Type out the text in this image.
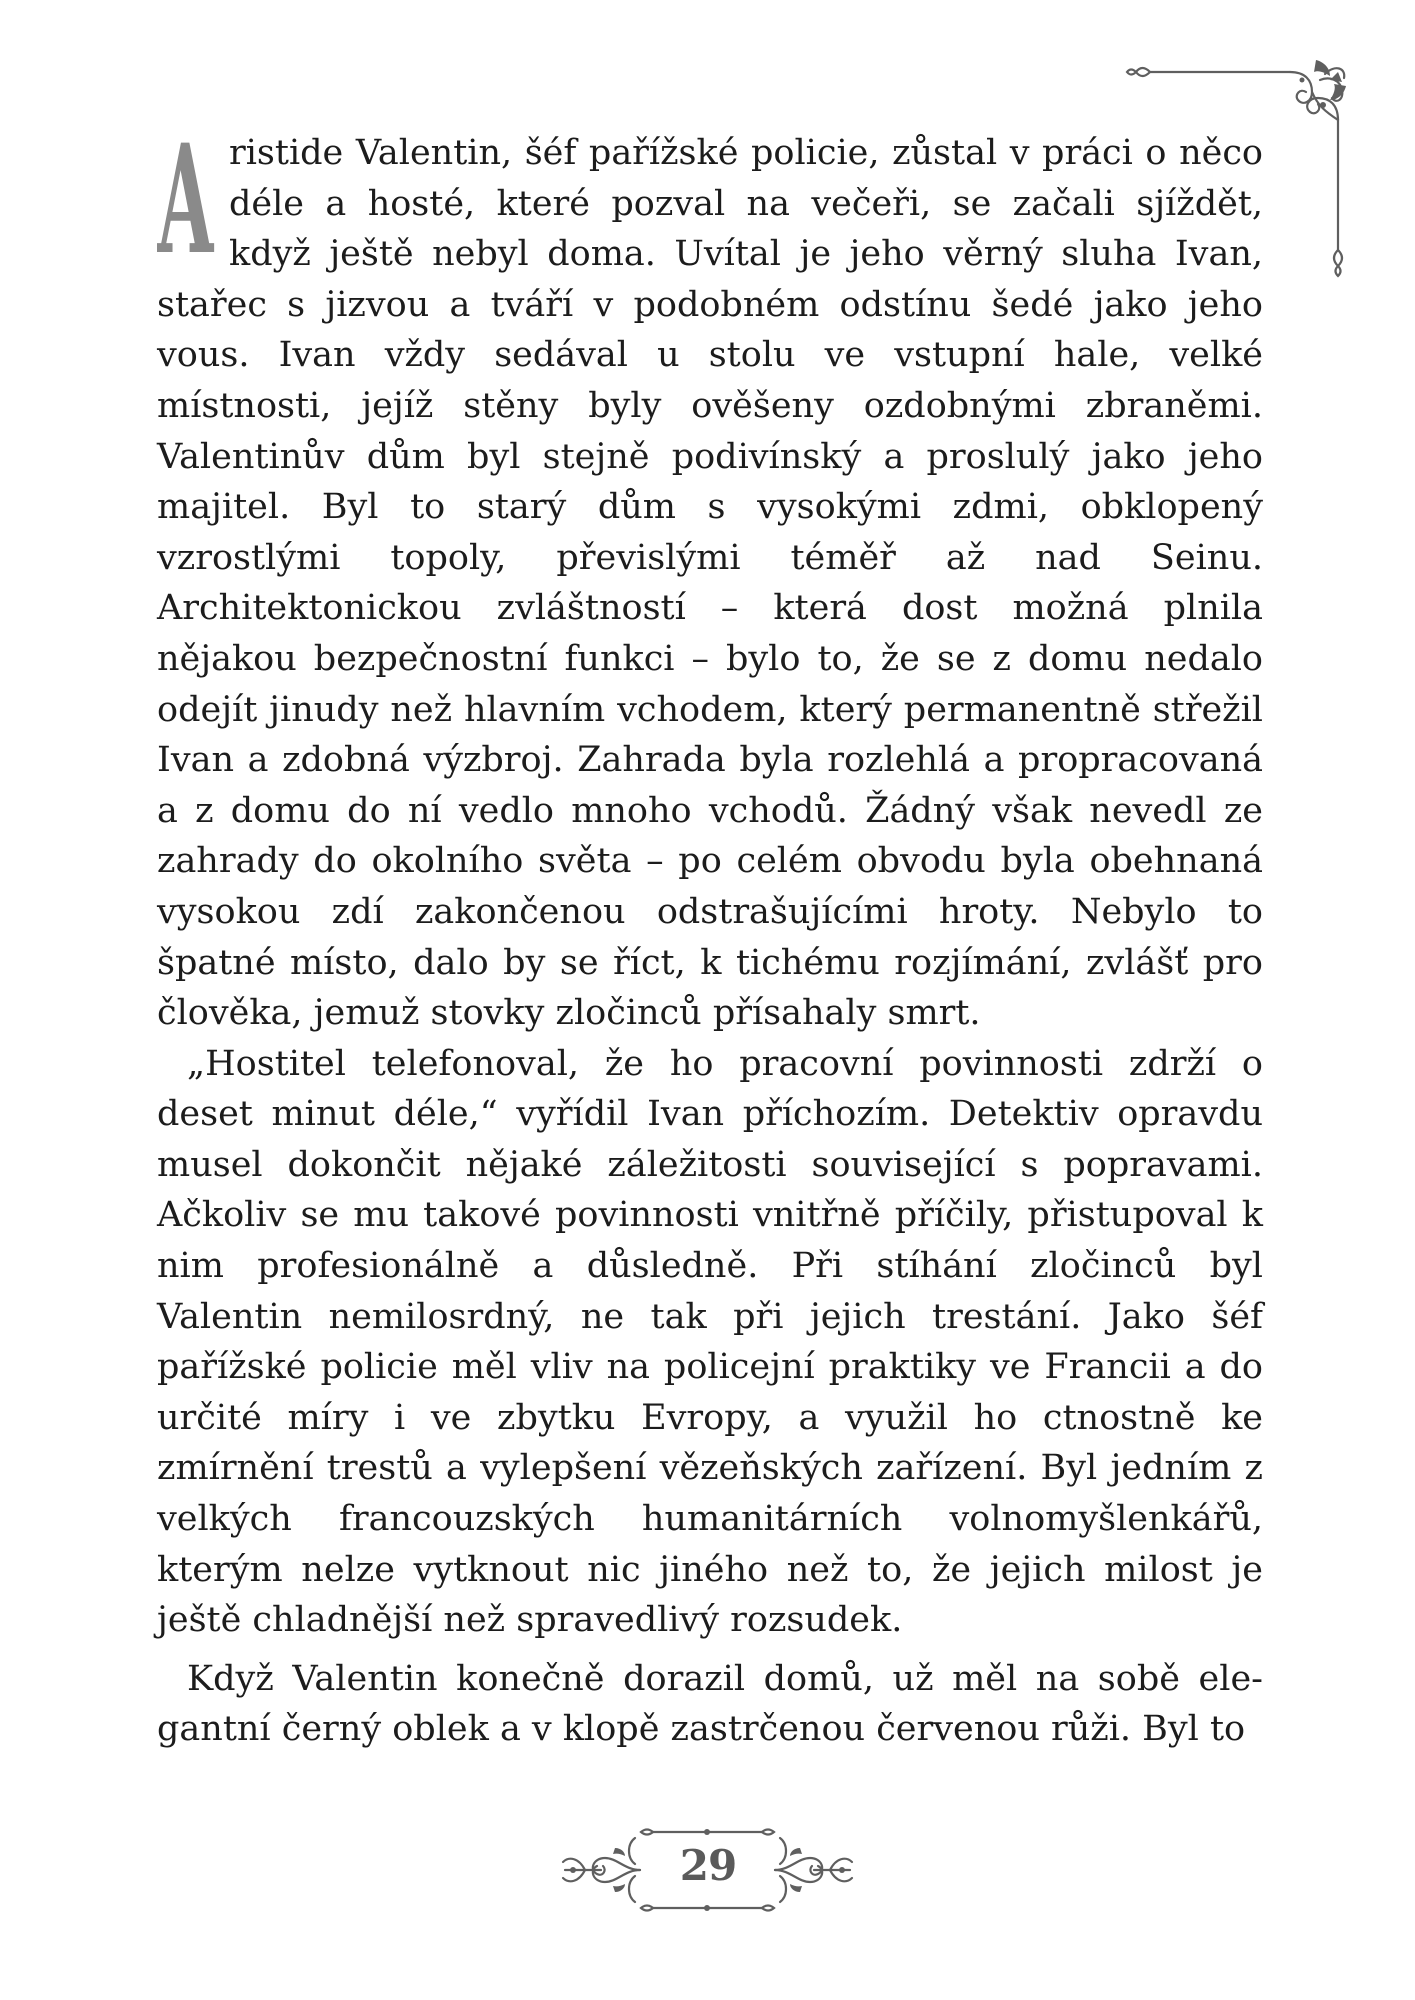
A ristide Valentin, šéf pařížské policie, zůstal v práci o něco déle a hosté, které pozval na večeři, se začali sjíždět, když ještě nebyl doma. Uvítal je jeho věrný sluha Ivan, stařec s jizvou a tváří v podobném odstínu šedé jako jeho vous. Ivan vždy sedával u stolu ve vstupní hale, velké místnosti, jejíž stěny byly ověšeny ozdobnými zbraněmi. Valentinův dům byl stejně podivínský a proslulý jako jeho majitel. Byl to starý dům s vysokými zdmi, obklopený vzrostlými topoly, převislými téměř až nad Seinu. Architektonickou zvláštností – která dost možná plnila nějakou bezpečnostní funkci – bylo to, že se z domu nedalo odejít jinudy než hlavním vchodem, který permanentně střežil Ivan a zdobná výzbroj. Zahrada byla rozlehlá a propracovaná a z domu do ní vedlo mnoho vchodů. Žádný však nevedl ze zahrady do okolního světa – po celém obvodu byla obehnaná vysokou zdí zakončenou odstrašujícími hroty. Nebylo to špatné místo, dalo by se říct, k tichému rozjímání, zvlášť pro člověka, jemuž stovky zločinců přísahaly smrt.

„Hostitel telefonoval, že ho pracovní povinnosti zdrží o deset minut déle,“ vyřídil Ivan příchozím. Detektiv opravdu musel dokončit nějaké záležitosti související s popravami. Ačkoliv se mu takové povinnosti vnitřně příčily, přistupoval k nim profesionálně a důsledně. Při stíhání zločinců byl Valentin nemilosrdný, ne tak při jejich trestání. Jako šéf pařížské policie měl vliv na policejní praktiky ve Francii a do určité míry i ve zbytku Evropy, a využil ho ctnostně ke zmírnění trestů a vylepšení vězeňských zařízení. Byl jedním z velkých francouzských humanitárních volnomyšlenkářů, kterým nelze vytknout nic jiného než to, že jejich milost je ještě chladnější než spravedlivý rozsudek.

Když Valentin konečně dorazil domů, už měl na sobě elegantní černý oblek a v klopě zastrčenou červenou růži. Byl to

29
